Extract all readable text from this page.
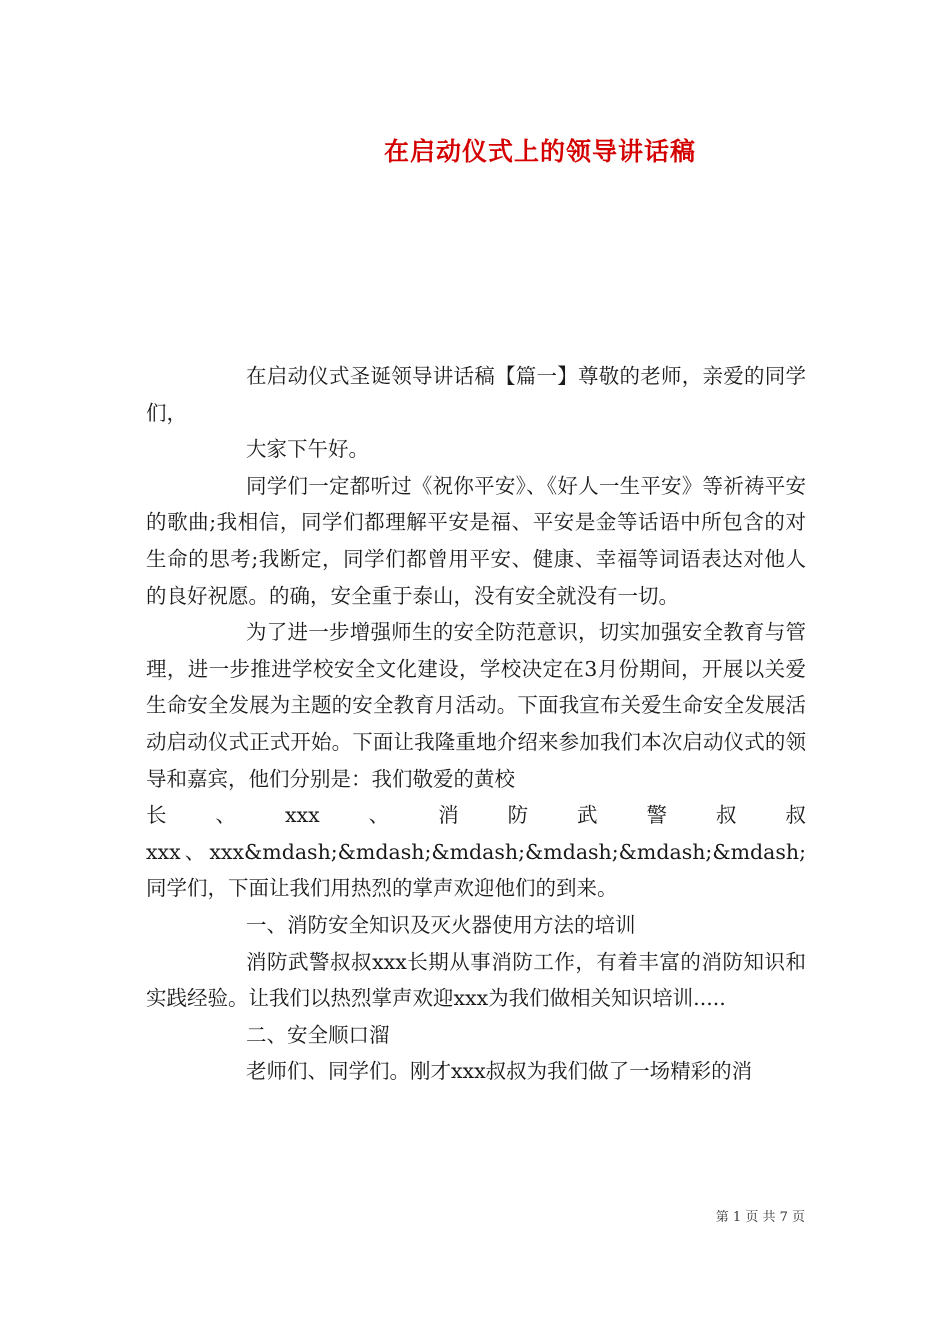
在启动仪式上的领导讲话稿

在启动仪式圣诞领导讲话稿【篇一】尊敬的老师，亲爱的同学们，

大家下午好。

同学们一定都听过《祝你平安》、《好人一生平安》等祈祷平安的歌曲;我相信，同学们都理解平安是福、平安是金等话语中所包含的对生命的思考;我断定，同学们都曾用平安、健康、幸福等词语表达对他人的良好祝愿。的确，安全重于泰山，没有安全就没有一切。

为了进一步增强师生的安全防范意识，切实加强安全教育与管理，进一步推进学校安全文化建设，学校决定在3月份期间，开展以关爱生命安全发展为主题的安全教育月活动。下面我宣布关爱生命安全发展活动启动仪式正式开始。下面让我隆重地介绍来参加我们本次启动仪式的领导和嘉宾，他们分别是：我们敬爱的黄校
长、xxx、消防武警叔叔
xxx、xxx&mdash;&mdash;&mdash;&mdash;&mdash;&mdash;同学们，下面让我们用热烈的掌声欢迎他们的到来。

一、消防安全知识及灭火器使用方法的培训

消防武警叔叔xxx长期从事消防工作，有着丰富的消防知识和实践经验。让我们以热烈掌声欢迎xxx为我们做相关知识培训.....

二、安全顺口溜

老师们、同学们。刚才xxx叔叔为我们做了一场精彩的消

第 1 页 共 7 页
